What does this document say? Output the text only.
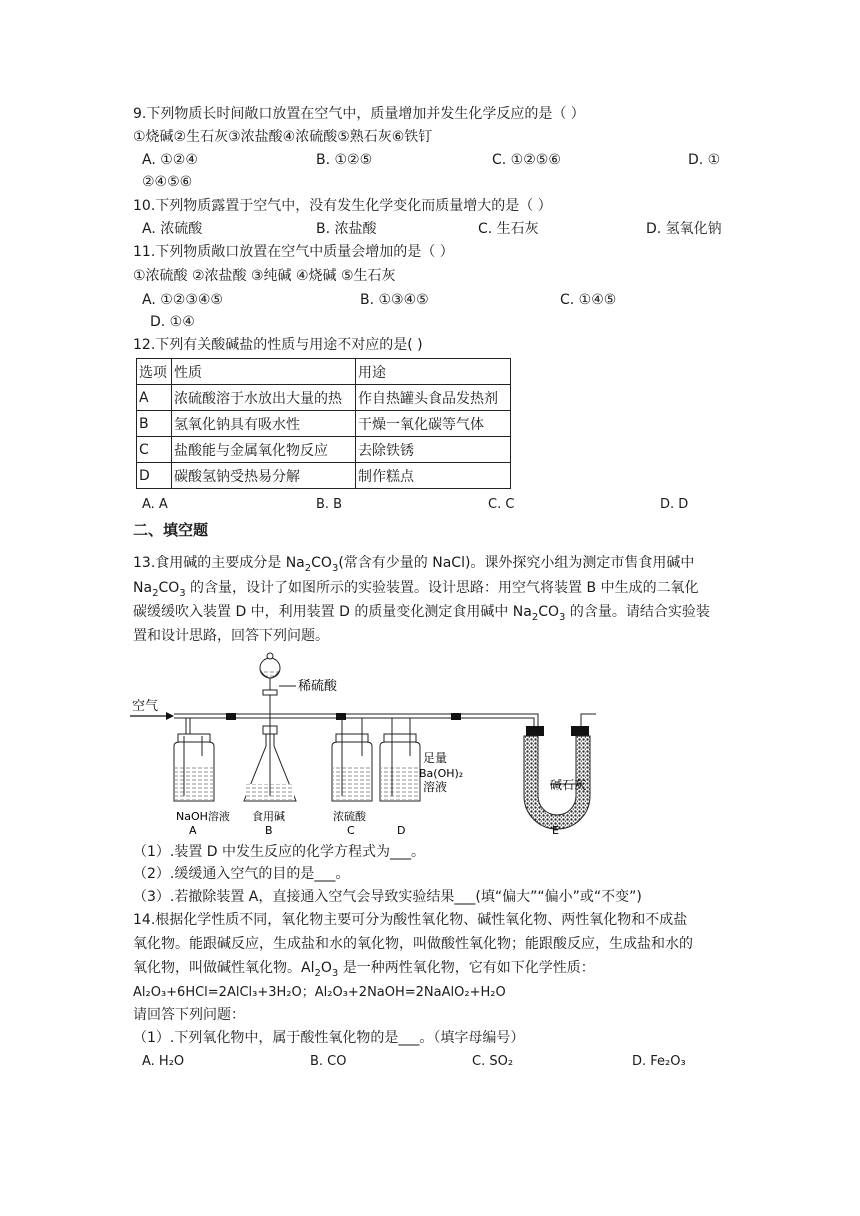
9.下列物质长时间敞口放置在空气中，质量增加并发生化学反应的是（ ）
①烧碱②生石灰③浓盐酸④浓硫酸⑤熟石灰⑥铁钉
A. ①②④	B. ①②⑤	C. ①②⑤⑥	D. ①
②④⑤⑥
10.下列物质露置于空气中，没有发生化学变化而质量增大的是（ ）
A. 浓硫酸	B. 浓盐酸	C. 生石灰	D. 氢氧化钠
11.下列物质敞口放置在空气中质量会增加的是（ ）
①浓硫酸 ②浓盐酸 ③纯碱 ④烧碱 ⑤生石灰
A. ①②③④⑤	B. ①③④⑤	C. ①④⑤
D. ①④
12.下列有关酸碱盐的性质与用途不对应的是( )
选项	性质	用途
A	浓硫酸溶于水放出大量的热	作自热罐头食品发热剂
B	氢氧化钠具有吸水性	干燥一氧化碳等气体
C	盐酸能与金属氧化物反应	去除铁锈
D	碳酸氢钠受热易分解	制作糕点
A. A	B. B	C. C	D. D
二、填空题
13.食用碱的主要成分是 $Na_2CO_3$(常含有少量的 NaCl)。课外探究小组为测定市售食用碱中
$Na_2CO_3$ 的含量，设计了如图所示的实验装置。设计思路：用空气将装置 B 中生成的二氧化
碳缓缓吹入装置 D 中，利用装置 D 的质量变化测定食用碱中 $Na_2CO_3$ 的含量。请结合实验装
置和设计思路，回答下列问题。
空气
NaOH溶液
A
稀硫酸
食用碱
B
浓硫酸
C
足量
Ba(OH)₂
溶液
D
碱石灰
E
（1）.装置 D 中发生反应的化学方程式为___。
（2）.缓缓通入空气的目的是___。
（3）.若撤除装置 A，直接通入空气会导致实验结果___(填“偏大”“偏小”或“不变”)
14.根据化学性质不同，氧化物主要可分为酸性氧化物、碱性氧化物、两性氧化物和不成盐
氧化物。能跟碱反应，生成盐和水的氧化物，叫做酸性氧化物；能跟酸反应，生成盐和水的
氧化物，叫做碱性氧化物。$Al_2O_3$ 是一种两性氧化物，它有如下化学性质：
Al₂O₃+6HCl=2AlCl₃+3H₂O；Al₂O₃+2NaOH=2NaAlO₂+H₂O
请回答下列问题：
（1）.下列氧化物中，属于酸性氧化物的是___。（填字母编号）
A. H₂O	B. CO	C. SO₂	D. Fe₂O₃
